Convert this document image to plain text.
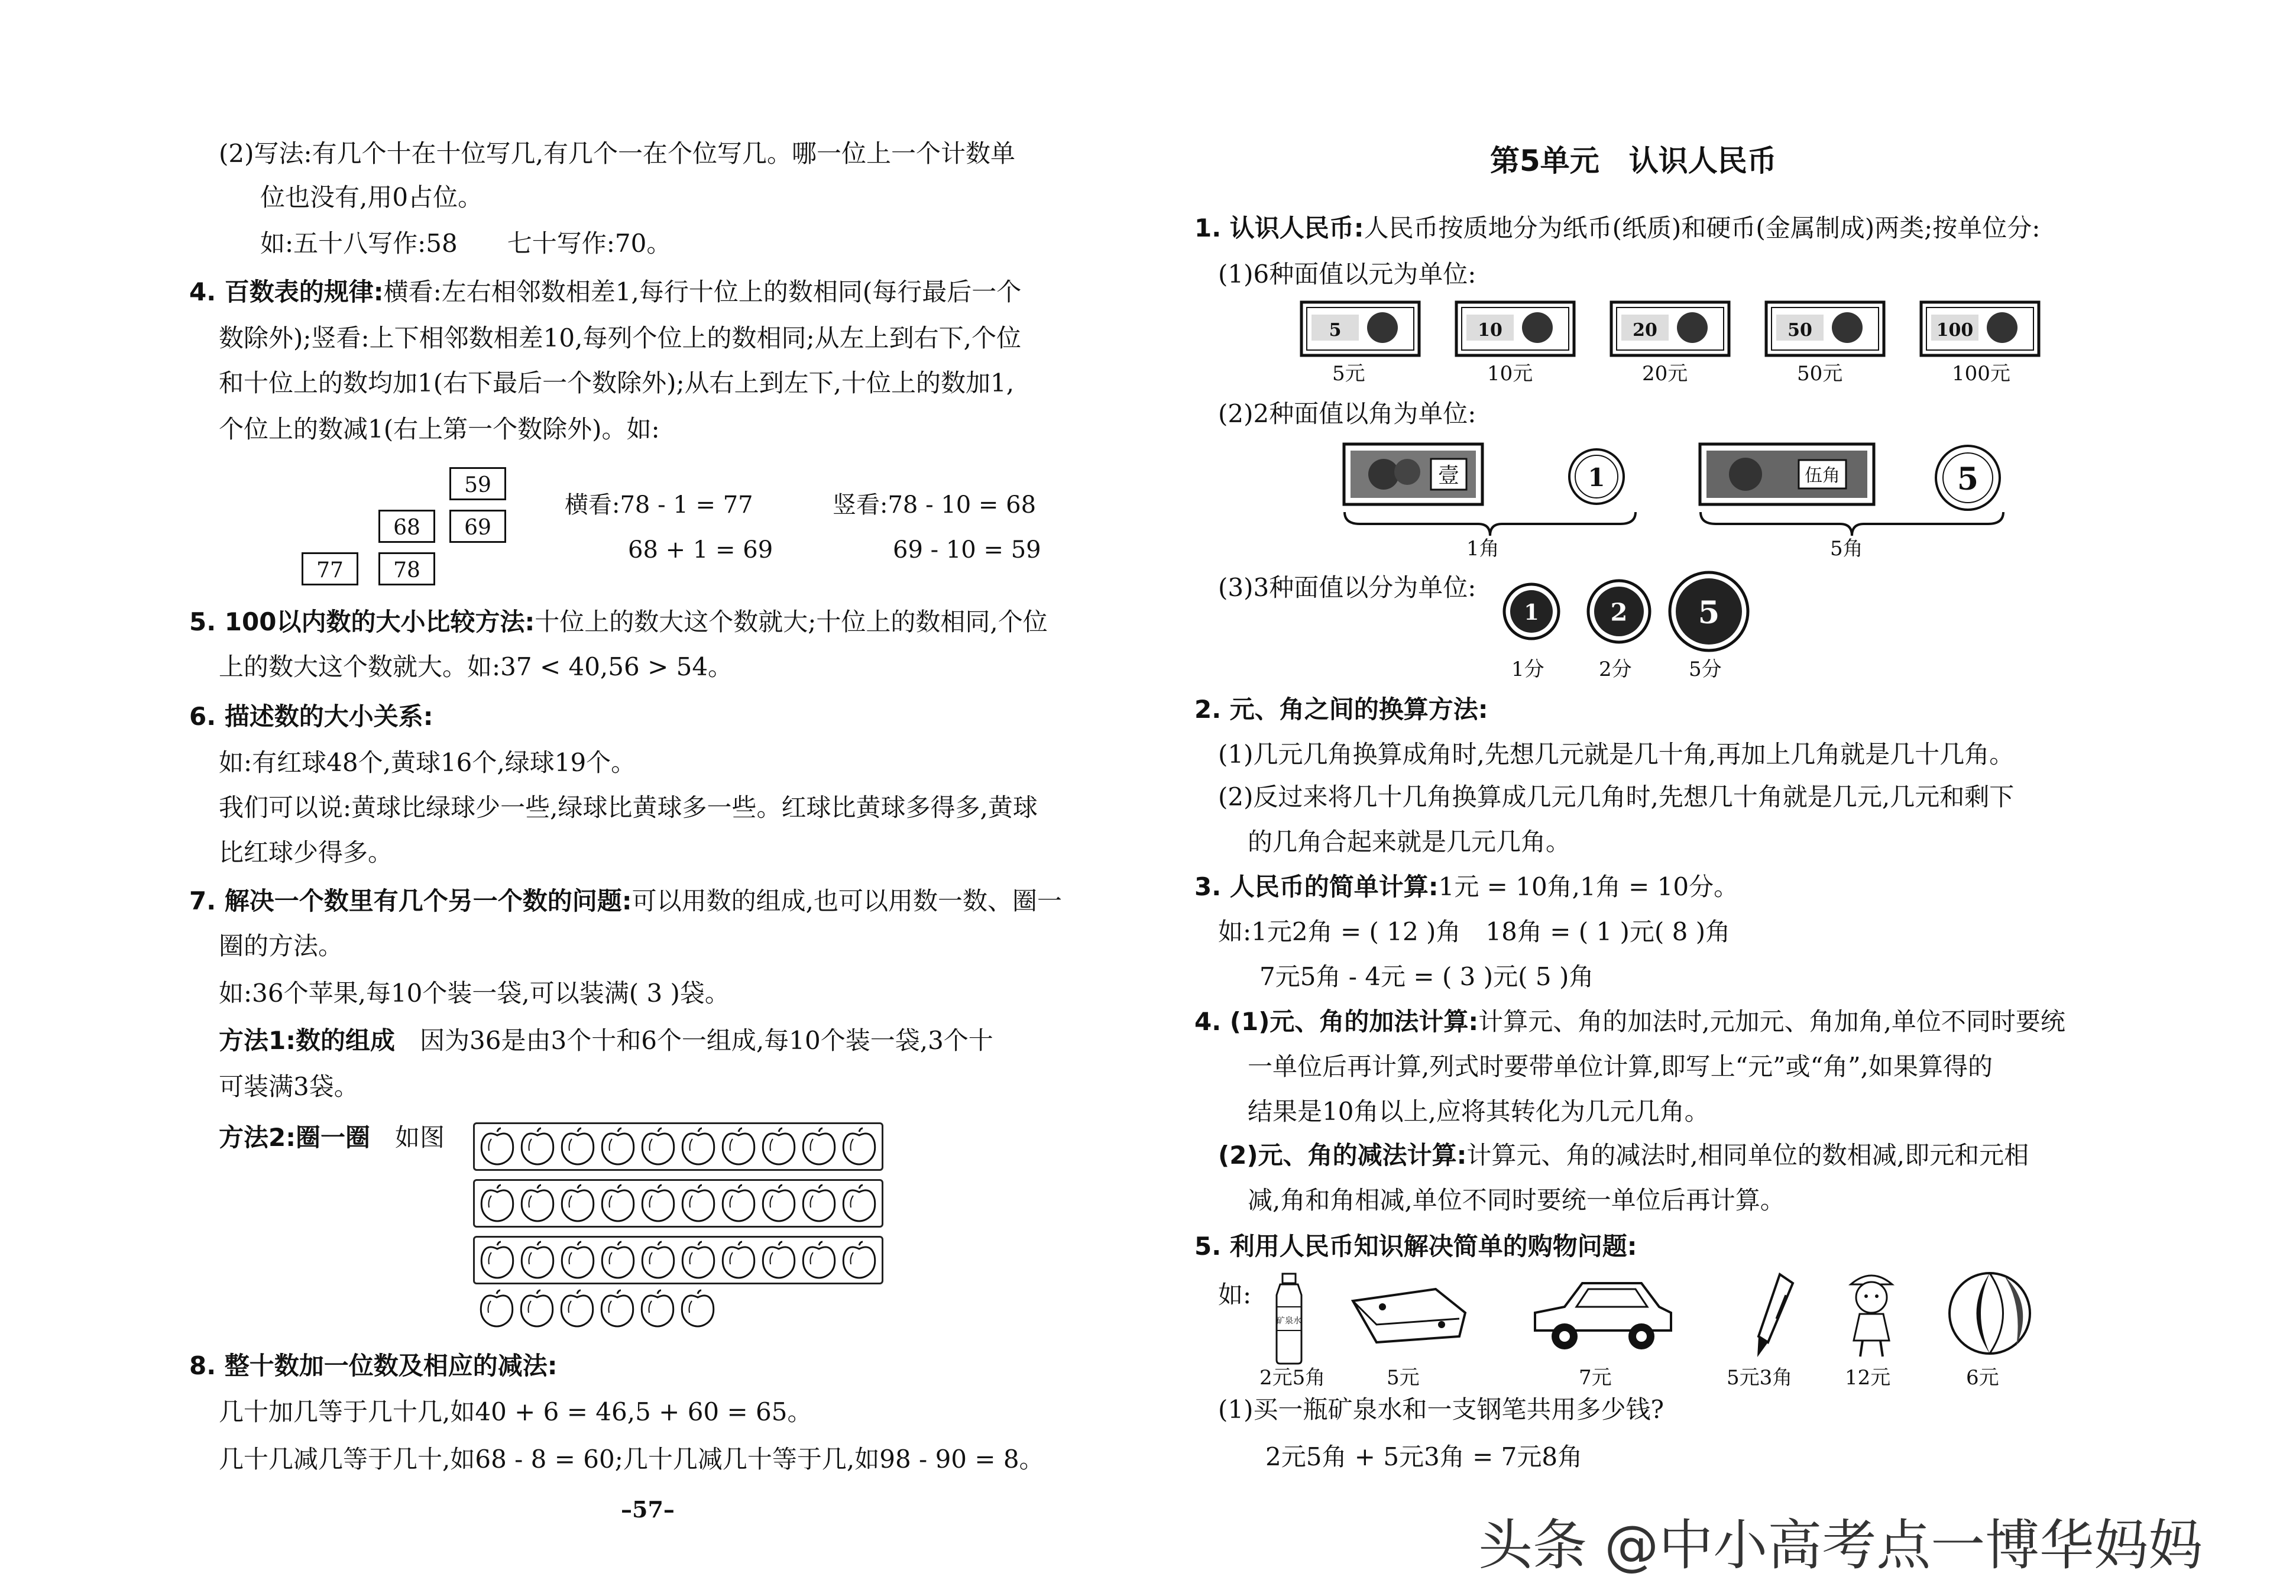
(2)写法:有几个十在十位写几,有几个一在个位写几。哪一位上一个计数单
位也没有,用0占位。
如:五十八写作:58　　七十写作:70。
4. 百数表的规律:横看:左右相邻数相差1,每行十位上的数相同(每行最后一个
数除外);竖看:上下相邻数相差10,每列个位上的数相同;从左上到右下,个位
和十位上的数均加1(右下最后一个数除外);从右上到左下,十位上的数加1,
个位上的数减1(右上第一个数除外)。如:
59
68	69
77	78
横看:78 - 1 = 77
68 + 1 = 69
竖看:78 - 10 = 68
69 - 10 = 59
5. 100以内数的大小比较方法:十位上的数大这个数就大;十位上的数相同,个位
上的数大这个数就大。如:37 < 40,56 > 54。
6. 描述数的大小关系:
如:有红球48个,黄球16个,绿球19个。
我们可以说:黄球比绿球少一些,绿球比黄球多一些。红球比黄球多得多,黄球
比红球少得多。
7. 解决一个数里有几个另一个数的问题:可以用数的组成,也可以用数一数、圈一
圈的方法。
如:36个苹果,每10个装一袋,可以装满( 3 )袋。
方法1:数的组成　 因为36是由3个十和6个一组成,每10个装一袋,3个十
可装满3袋。
方法2:圈一圈　 如图
8. 整十数加一位数及相应的减法:
几十加几等于几十几,如40 + 6 = 46,5 + 60 = 65。
几十几减几等于几十,如68 - 8 = 60;几十几减几十等于几,如98 - 90 = 8。
–57–
第5单元　认识人民币
1. 认识人民币:人民币按质地分为纸币(纸质)和硬币(金属制成)两类;按单位分:
(1)6种面值以元为单位:
(2)2种面值以角为单位:
壹	1	伍角	5
1角	5角
(3)3种面值以分为单位:
2. 元、角之间的换算方法:
(1)几元几角换算成角时,先想几元就是几十角,再加上几角就是几十几角。
(2)反过来将几十几角换算成几元几角时,先想几十角就是几元,几元和剩下
的几角合起来就是几元几角。
3. 人民币的简单计算:1元 = 10角,1角 = 10分。
如:1元2角 = ( 12 )角　18角 = ( 1 )元( 8 )角
7元5角 - 4元 = ( 3 )元( 5 )角
4. (1)元、角的加法计算:计算元、角的加法时,元加元、角加角,单位不同时要统
一单位后再计算,列式时要带单位计算,即写上“元”或“角”,如果算得的
结果是10角以上,应将其转化为几元几角。
(2)元、角的减法计算:计算元、角的减法时,相同单位的数相减,即元和元相
减,角和角相减,单位不同时要统一单位后再计算。
5. 利用人民币知识解决简单的购物问题:
如:
矿泉水
(1)买一瓶矿泉水和一支钢笔共用多少钱?
2元5角 + 5元3角 = 7元8角
5
5元
10
10元
20
20元
50
50元
100
100元
1
1分
2
2分
5
5分
2元5角	5元	7元	5元3角	12元	6元
头条 @中小高考点一博华妈妈
